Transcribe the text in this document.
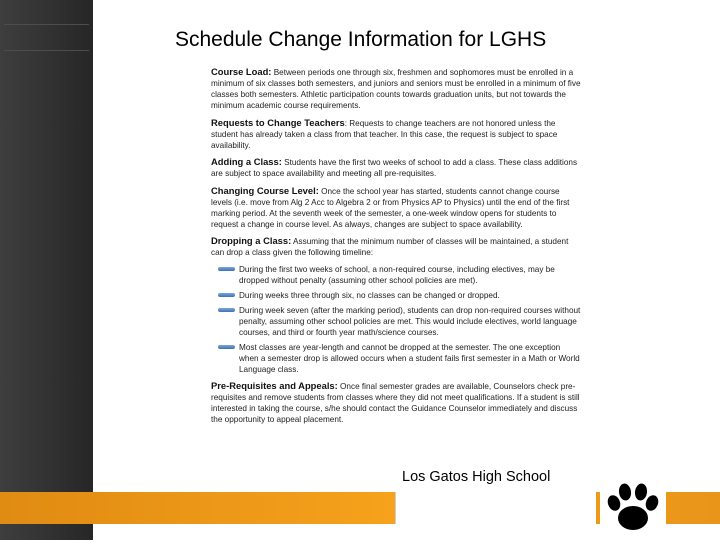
Schedule Change Information for LGHS

Course Load: Between periods one through six, freshmen and sophomores must be enrolled in a minimum of six classes both semesters, and juniors and seniors must be enrolled in a minimum of five classes both semesters. Athletic participation counts towards graduation units, but not towards the minimum academic course requirements.

Requests to Change Teachers: Requests to change teachers are not honored unless the student has already taken a class from that teacher. In this case, the request is subject to space availability.

Adding a Class: Students have the first two weeks of school to add a class. These class additions are subject to space availability and meeting all pre-requisites.

Changing Course Level: Once the school year has started, students cannot change course levels (i.e. move from Alg 2 Acc to Algebra 2 or from Physics AP to Physics) until the end of the first marking period. At the seventh week of the semester, a one-week window opens for students to request a change in course level. As always, changes are subject to space availability.

Dropping a Class: Assuming that the minimum number of classes will be maintained, a student can drop a class given the following timeline:

During the first two weeks of school, a non-required course, including electives, may be dropped without penalty (assuming other school policies are met).
During weeks three through six, no classes can be changed or dropped.
During week seven (after the marking period), students can drop non-required courses without penalty, assuming other school policies are met. This would include electives, world language courses, and third or fourth year math/science courses.
Most classes are year-length and cannot be dropped at the semester. The one exception when a semester drop is allowed occurs when a student fails first semester in a Math or World Language class.

Pre-Requisites and Appeals: Once final semester grades are available, Counselors check pre-requisites and remove students from classes where they did not meet qualifications. If a student is still interested in taking the course, s/he should contact the Guidance Counselor immediately and discuss the opportunity to appeal placement.

Los Gatos High School
